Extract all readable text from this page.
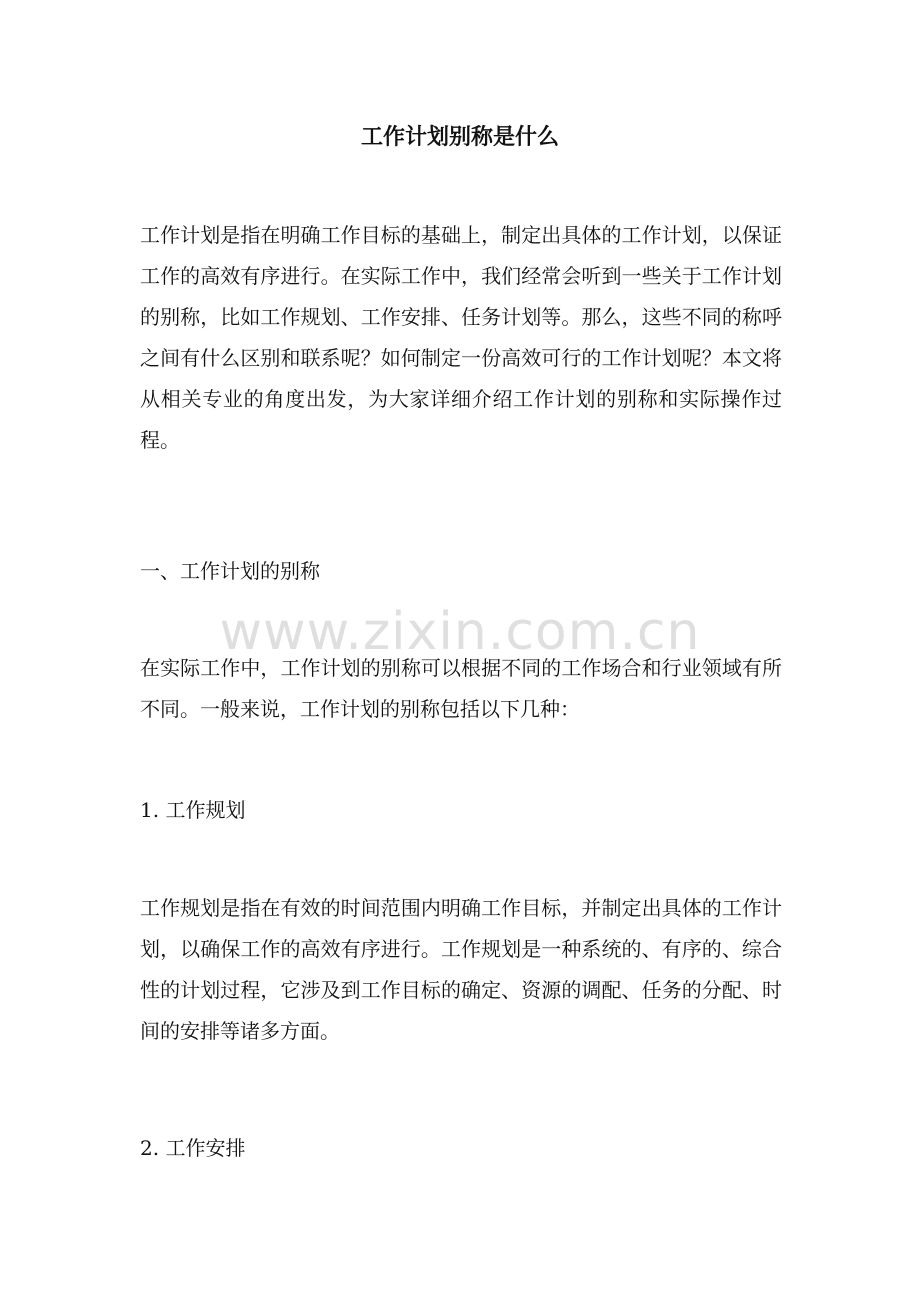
工作计划别称是什么

工作计划是指在明确工作目标的基础上，制定出具体的工作计划，以保证工作的高效有序进行。在实际工作中，我们经常会听到一些关于工作计划的别称，比如工作规划、工作安排、任务计划等。那么，这些不同的称呼之间有什么区别和联系呢？如何制定一份高效可行的工作计划呢？本文将从相关专业的角度出发，为大家详细介绍工作计划的别称和实际操作过程。

一、工作计划的别称

在实际工作中，工作计划的别称可以根据不同的工作场合和行业领域有所不同。一般来说，工作计划的别称包括以下几种：

1. 工作规划

工作规划是指在有效的时间范围内明确工作目标，并制定出具体的工作计划，以确保工作的高效有序进行。工作规划是一种系统的、有序的、综合性的计划过程，它涉及到工作目标的确定、资源的调配、任务的分配、时间的安排等诸多方面。

2. 工作安排

www.zixin.com.cn
